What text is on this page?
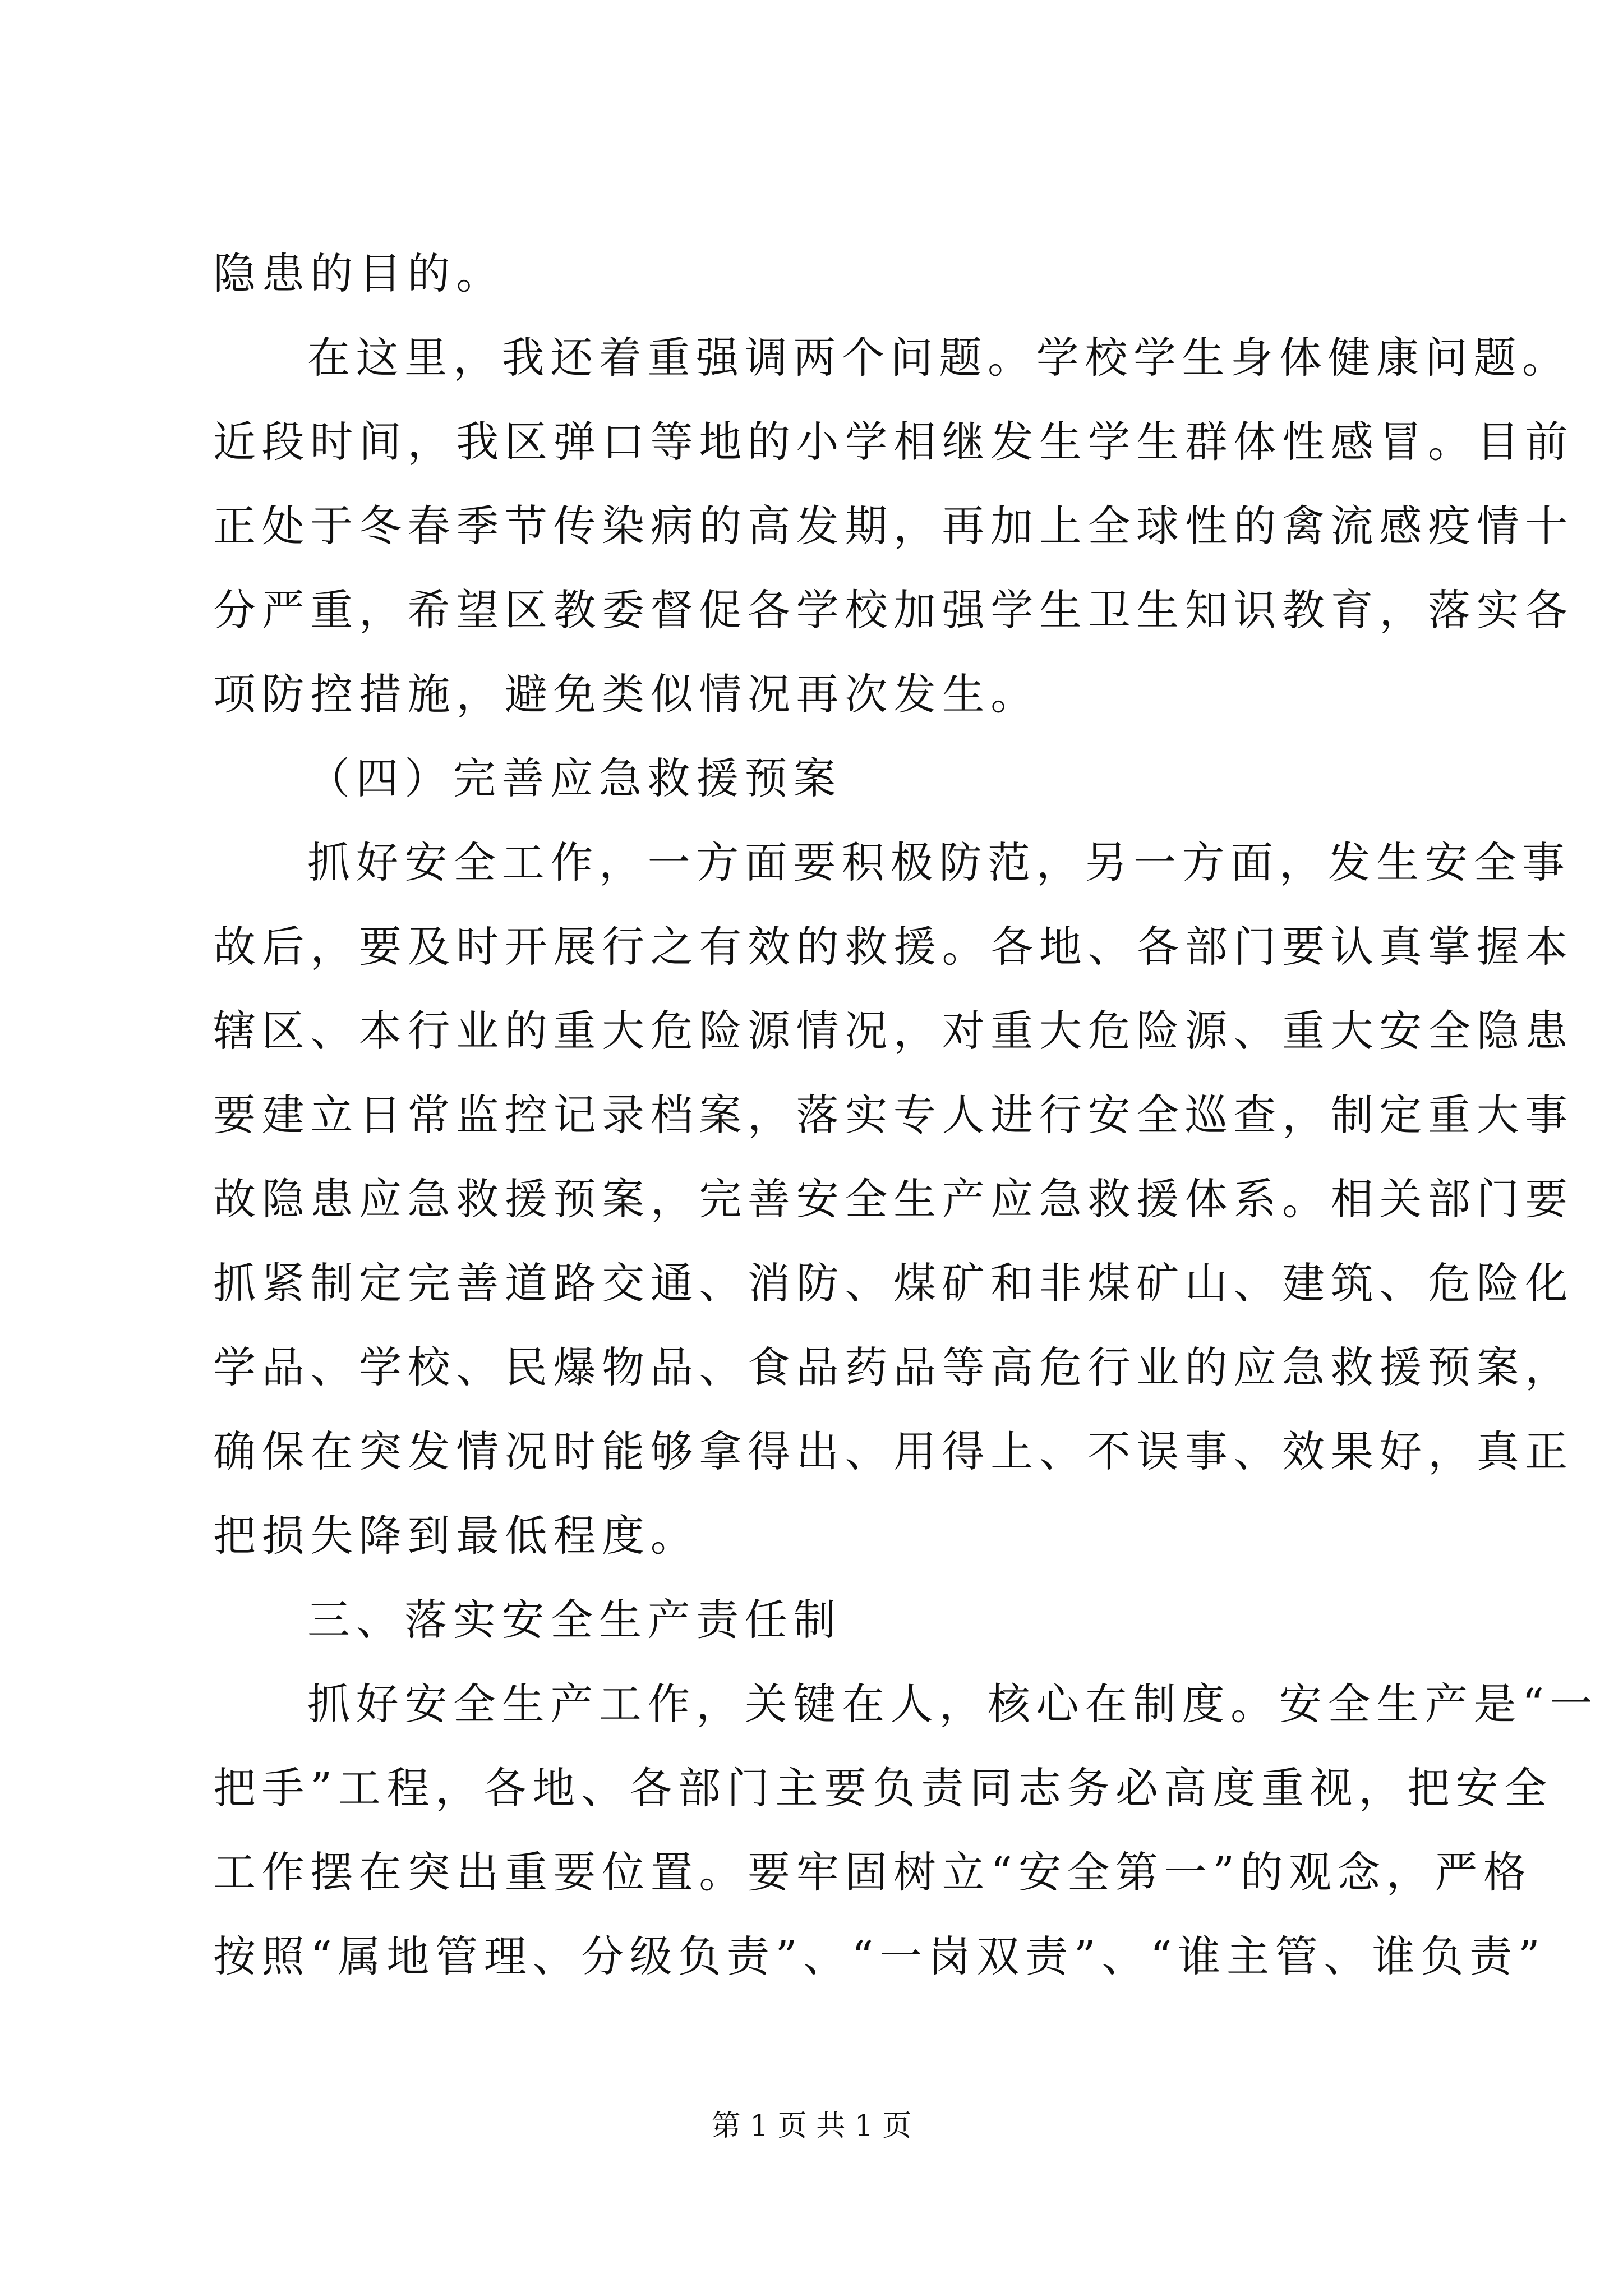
隐患的目的。
在这里，我还着重强调两个问题。学校学生身体健康问题。
近段时间，我区弹口等地的小学相继发生学生群体性感冒。目前
正处于冬春季节传染病的高发期，再加上全球性的禽流感疫情十
分严重，希望区教委督促各学校加强学生卫生知识教育，落实各
项防控措施，避免类似情况再次发生。
（四）完善应急救援预案
抓好安全工作，一方面要积极防范，另一方面，发生安全事
故后，要及时开展行之有效的救援。各地、各部门要认真掌握本
辖区、本行业的重大危险源情况，对重大危险源、重大安全隐患
要建立日常监控记录档案，落实专人进行安全巡查，制定重大事
故隐患应急救援预案，完善安全生产应急救援体系。相关部门要
抓紧制定完善道路交通、消防、煤矿和非煤矿山、建筑、危险化
学品、学校、民爆物品、食品药品等高危行业的应急救援预案，
确保在突发情况时能够拿得出、用得上、不误事、效果好，真正
把损失降到最低程度。
三、落实安全生产责任制
抓好安全生产工作，关键在人，核心在制度。安全生产是“一
把手”工程，各地、各部门主要负责同志务必高度重视，把安全
工作摆在突出重要位置。要牢固树立“安全第一”的观念，严格
按照“属地管理、分级负责”、“一岗双责”、“谁主管、谁负责”
第 1 页 共 1 页
